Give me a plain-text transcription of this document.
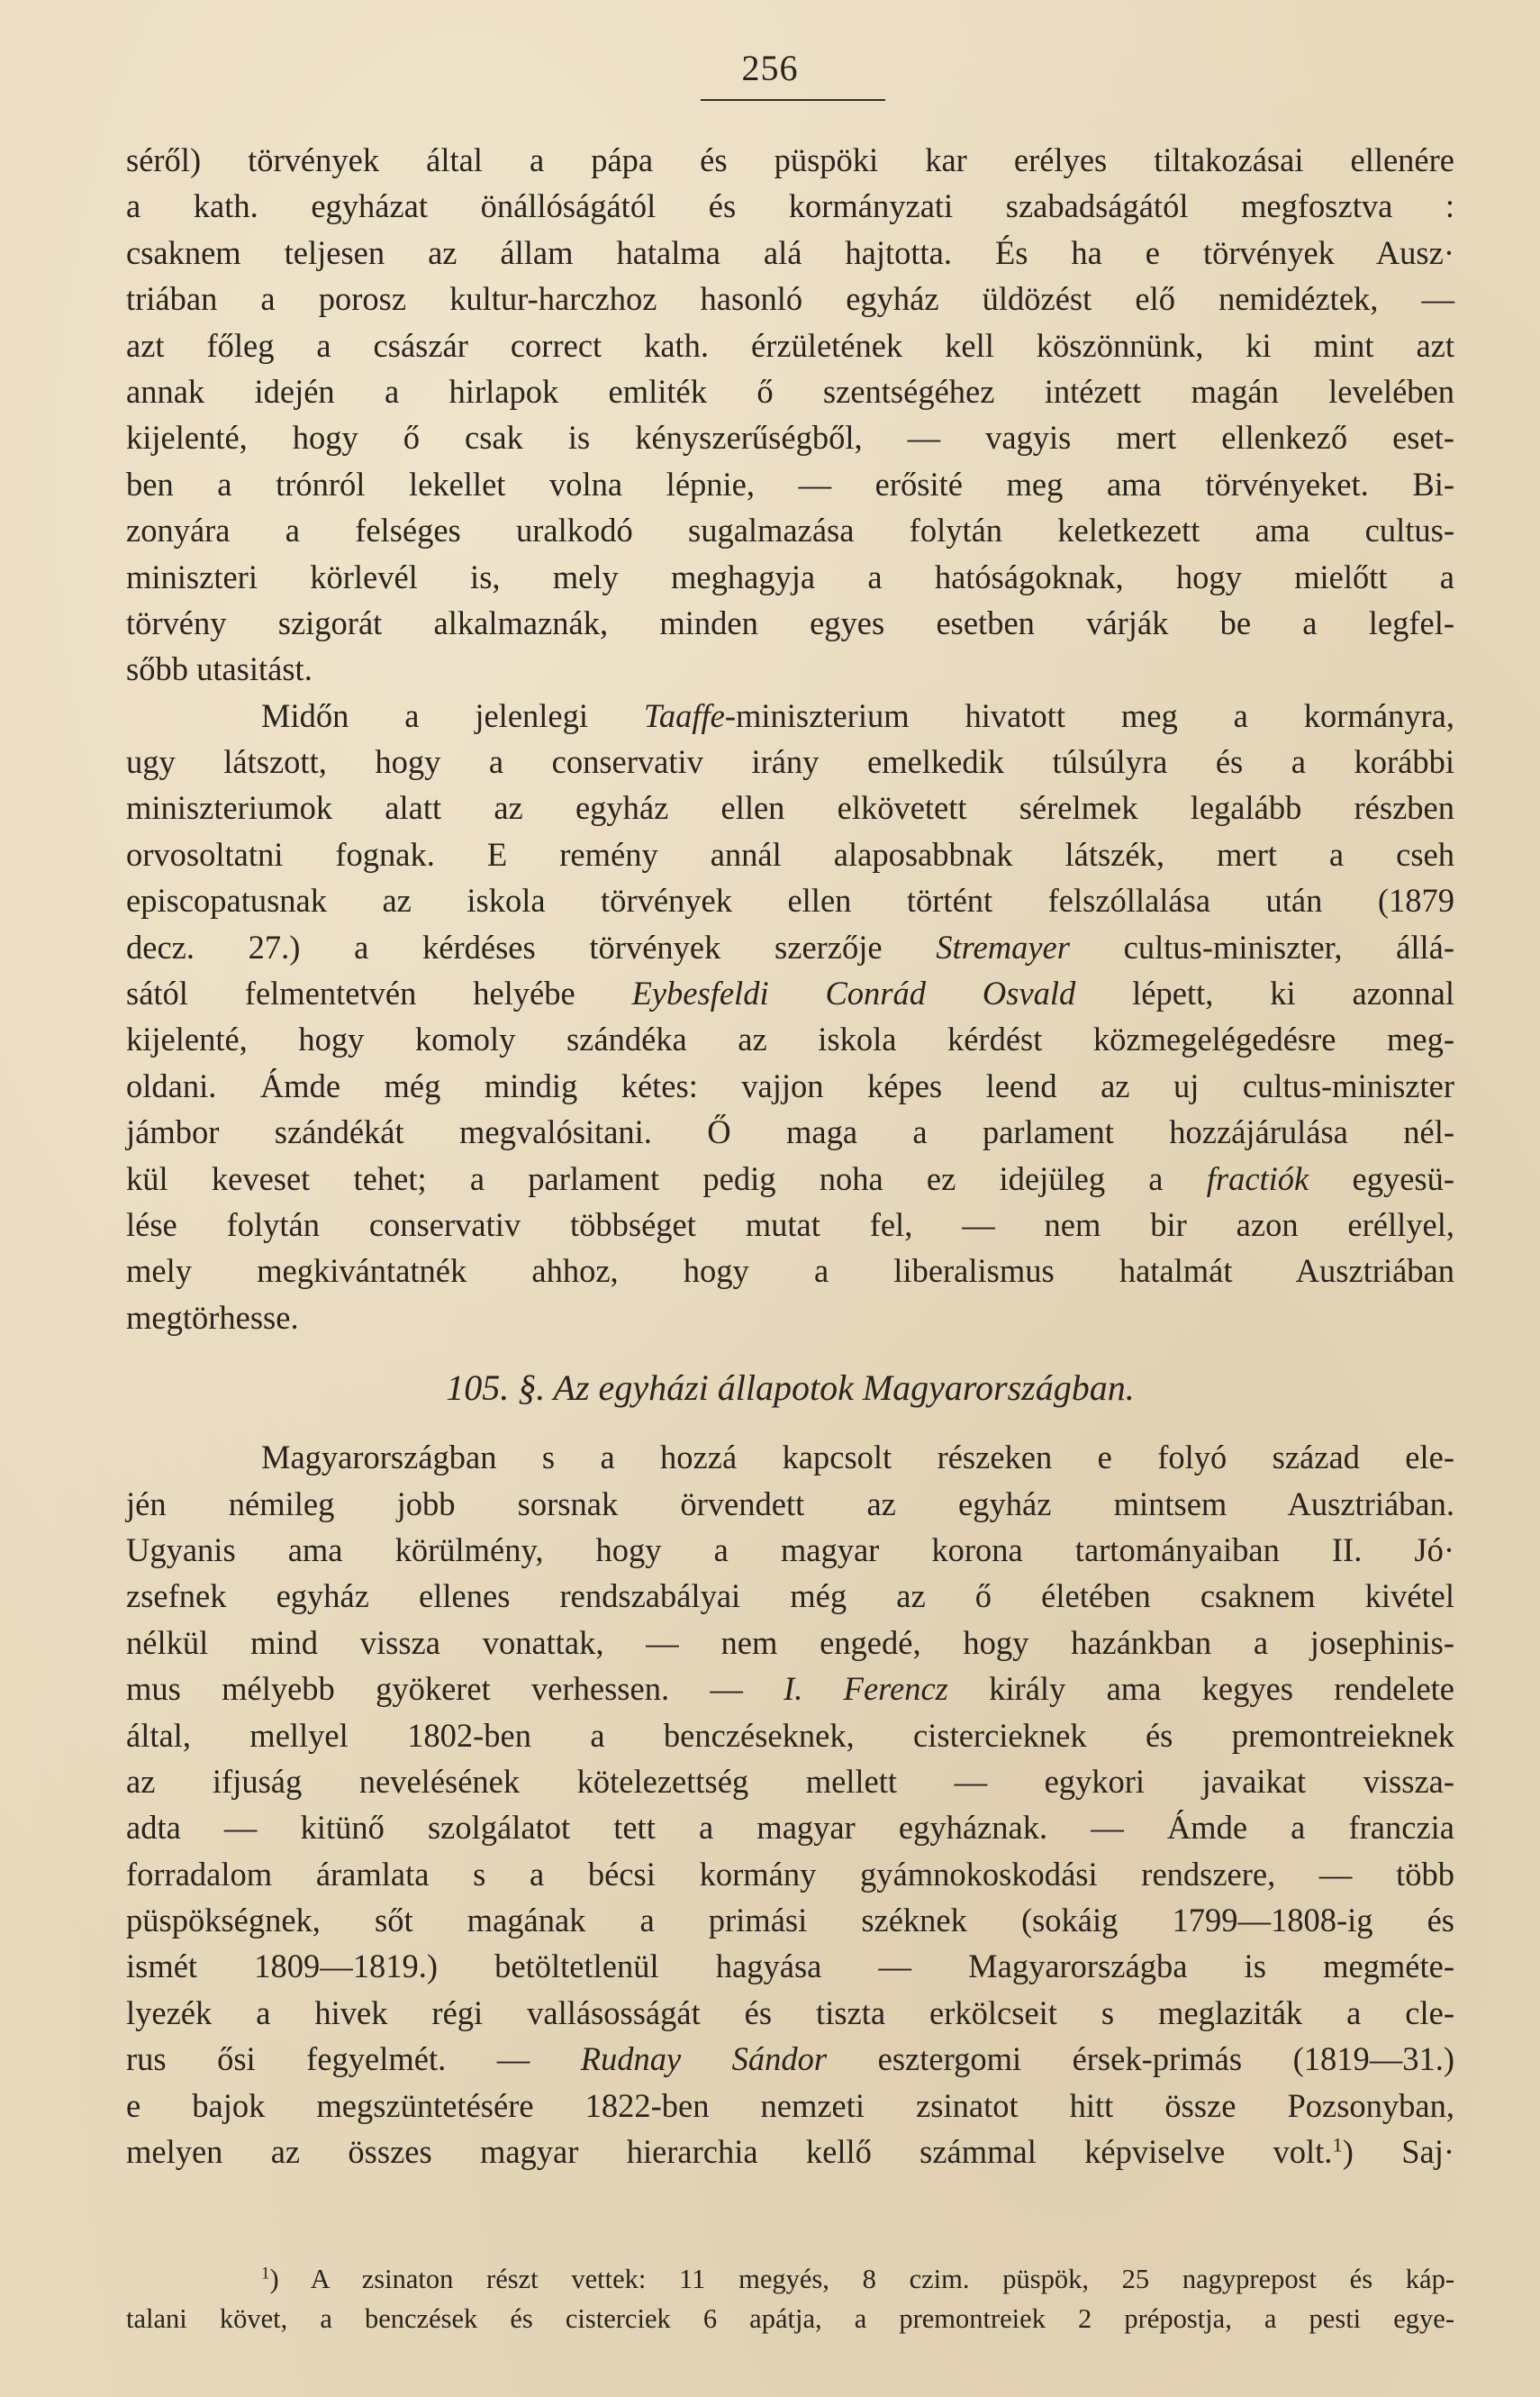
256
séről) törvények által a pápa és püspöki kar erélyes tiltakozásai ellenére
a kath. egyházat önállóságától és kormányzati szabadságától megfosztva :
csaknem teljesen az állam hatalma alá hajtotta. És ha e törvények Ausz·
triában a porosz kultur-harczhoz hasonló egyház üldözést elő nemidéztek, —
azt főleg a császár correct kath. érzületének kell köszönnünk, ki mint azt
annak idején a hirlapok emliték ő szentségéhez intézett magán levelében
kijelenté, hogy ő csak is kényszerűségből, — vagyis mert ellenkező eset-
ben a trónról lekellet volna lépnie, — erősité meg ama törvényeket. Bi-
zonyára a felséges uralkodó sugalmazása folytán keletkezett ama cultus-
miniszteri körlevél is, mely meghagyja a hatóságoknak, hogy mielőtt a
törvény szigorát alkalmaznák, minden egyes esetben várják be a legfel-
sőbb utasitást.
Midőn a jelenlegi Taaffe-miniszterium hivatott meg a kormányra,
ugy látszott, hogy a conservativ irány emelkedik túlsúlyra és a korábbi
miniszteriumok alatt az egyház ellen elkövetett sérelmek legalább részben
orvosoltatni fognak. E remény annál alaposabbnak látszék, mert a cseh
episcopatusnak az iskola törvények ellen történt felszóllalása után (1879
decz. 27.) a kérdéses törvények szerzője Stremayer cultus-miniszter, állá-
sától felmentetvén helyébe Eybesfeldi Conrád Osvald lépett, ki azonnal
kijelenté, hogy komoly szándéka az iskola kérdést közmegelégedésre meg-
oldani. Ámde még mindig kétes: vajjon képes leend az uj cultus-miniszter
jámbor szándékát megvalósitani. Ő maga a parlament hozzájárulása nél-
kül keveset tehet; a parlament pedig noha ez idejüleg a fractiók egyesü-
lése folytán conservativ többséget mutat fel, — nem bir azon eréllyel,
mely megkivántatnék ahhoz, hogy a liberalismus hatalmát Ausztriában
megtörhesse.
105. §. Az egyházi állapotok Magyarországban.
Magyarországban s a hozzá kapcsolt részeken e folyó század ele-
jén némileg jobb sorsnak örvendett az egyház mintsem Ausztriában.
Ugyanis ama körülmény, hogy a magyar korona tartományaiban II. Jó·
zsefnek egyház ellenes rendszabályai még az ő életében csaknem kivétel
nélkül mind vissza vonattak, — nem engedé, hogy hazánkban a josephinis-
mus mélyebb gyökeret verhessen. — I. Ferencz király ama kegyes rendelete
által, mellyel 1802-ben a benczéseknek, cistercieknek és premontreieknek
az ifjuság nevelésének kötelezettség mellett — egykori javaikat vissza-
adta — kitünő szolgálatot tett a magyar egyháznak. — Ámde a franczia
forradalom áramlata s a bécsi kormány gyámnokoskodási rendszere, — több
püspökségnek, sőt magának a primási széknek (sokáig 1799—1808-ig és
ismét 1809—1819.) betöltetlenül hagyása — Magyarországba is megméte-
lyezék a hivek régi vallásosságát és tiszta erkölcseit s meglaziták a cle-
rus ősi fegyelmét. — Rudnay Sándor esztergomi érsek-primás (1819—31.)
e bajok megszüntetésére 1822-ben nemzeti zsinatot hitt össze Pozsonyban,
melyen az összes magyar hierarchia kellő számmal képviselve volt.$^1$) Saj·
$^1$) A zsinaton részt vettek: 11 megyés, 8 czim. püspök, 25 nagyprepost és káp-
talani követ, a benczések és cisterciek 6 apátja, a premontreiek 2 prépostja, a pesti egye-
